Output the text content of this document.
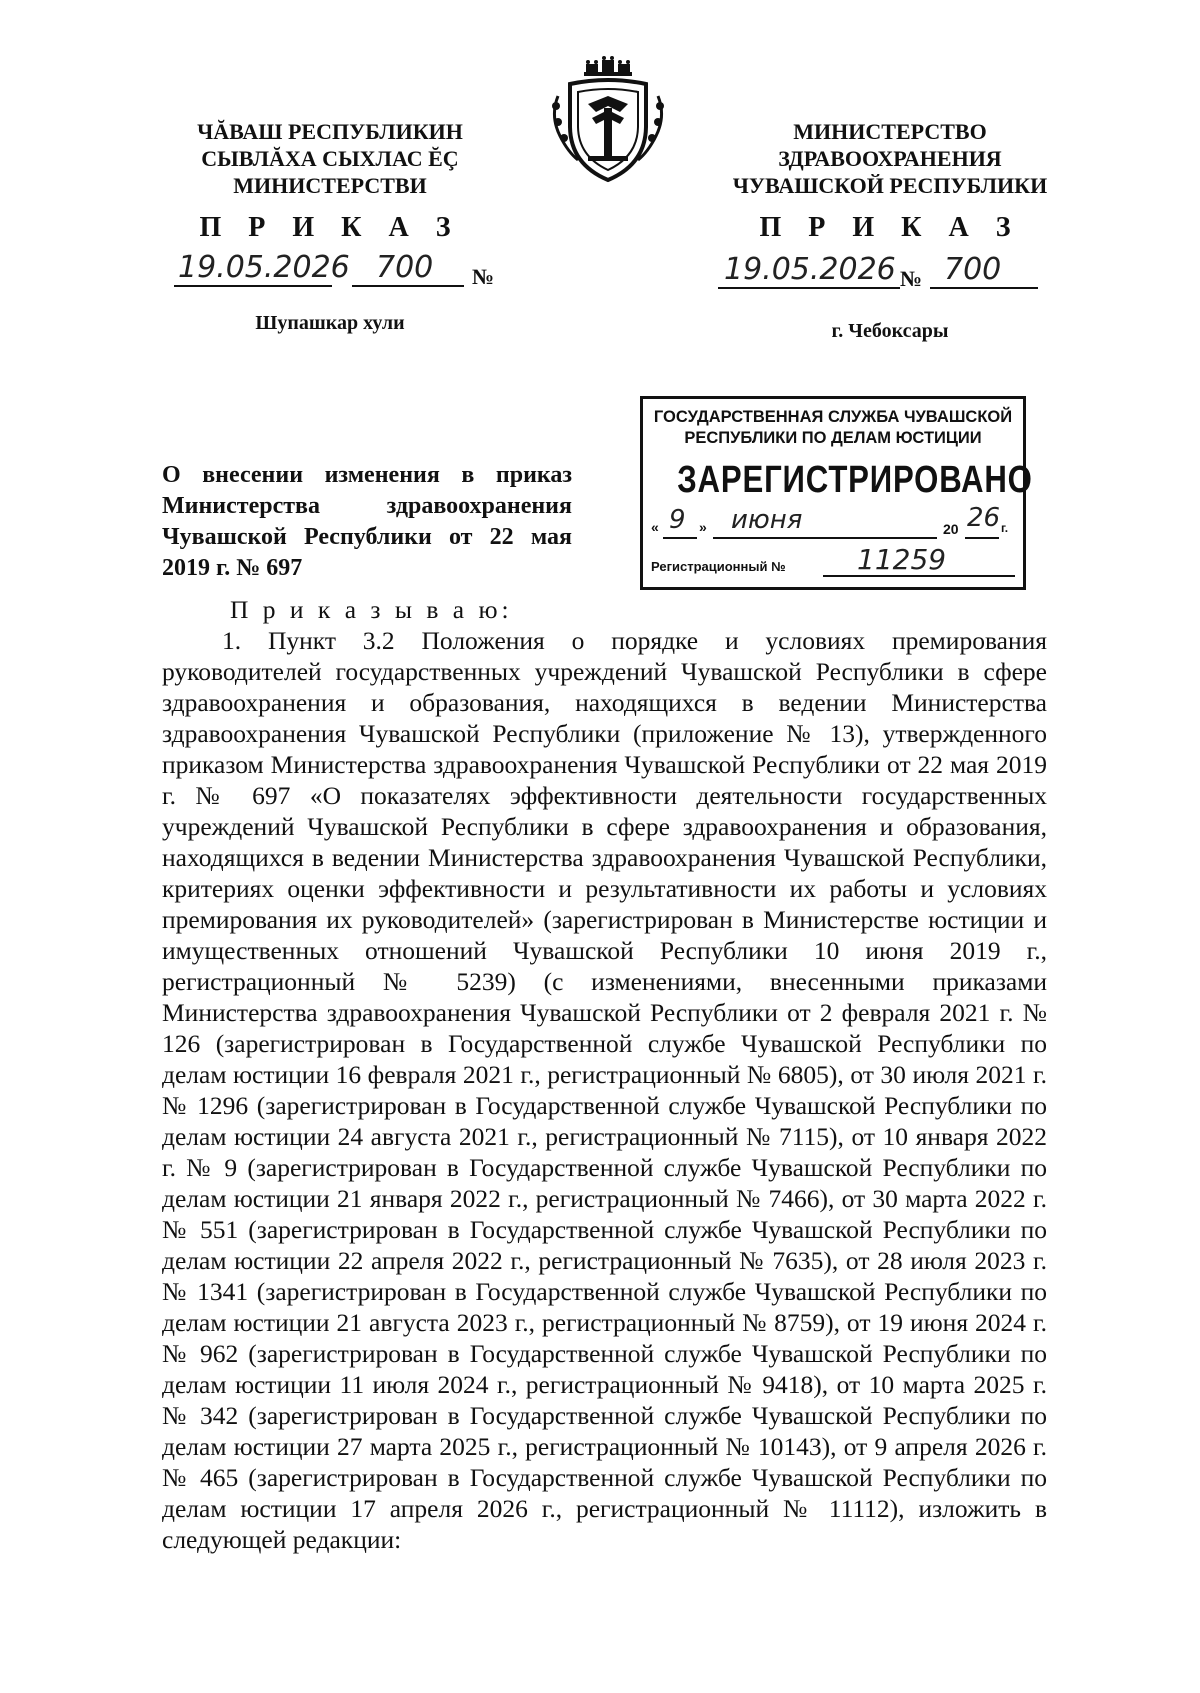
ЧĂВАШ РЕСПУБЛИКИН
СЫВЛĂХА СЫХЛАС ĔÇ
МИНИСТЕРСТВИ
МИНИСТЕРСТВО
ЗДРАВООХРАНЕНИЯ
ЧУВАШСКОЙ РЕСПУБЛИКИ
П Р И К А З	П Р И К А З
19.05.2026 700 №	19.05.2026 № 700
Шупашкар хули	г. Чебоксары
ГОСУДАРСТВЕННАЯ СЛУЖБА ЧУВАШСКОЙ
РЕСПУБЛИКИ ПО ДЕЛАМ ЮСТИЦИИ
ЗАРЕГИСТРИРОВАНО
« 9 » июня	20 26 г.
Регистрационный №	11259
О внесении изменения в приказ Министерства здравоохранения Чувашской Республики от 22 мая 2019 г. № 697
П р и к а з ы в а ю:

1. Пункт 3.2 Положения о порядке и условиях премирования руководителей государственных учреждений Чувашской Республики в сфере здравоохранения и образования, находящихся в ведении Министерства здравоохранения Чувашской Республики (приложение № 13), утвержденного приказом Министерства здравоохранения Чувашской Республики от 22 мая 2019 г. № 697 «О показателях эффективности деятельности государственных учреждений Чувашской Республики в сфере здравоохранения и образования, находящихся в ведении Министерства здравоохранения Чувашской Республики, критериях оценки эффективности и результативности их работы и условиях премирования их руководителей» (зарегистрирован в Министерстве юстиции и имущественных отношений Чувашской Республики 10 июня 2019 г., регистрационный № 5239) (с изменениями, внесенными приказами Министерства здравоохранения Чувашской Республики от 2 февраля 2021 г. № 126 (зарегистрирован в Государственной службе Чувашской Республики по делам юстиции 16 февраля 2021 г., регистрационный № 6805), от 30 июля 2021 г. № 1296 (зарегистрирован в Государственной службе Чувашской Республики по делам юстиции 24 августа 2021 г., регистрационный № 7115), от 10 января 2022 г. № 9 (зарегистрирован в Государственной службе Чувашской Республики по делам юстиции 21 января 2022 г., регистрационный № 7466), от 30 марта 2022 г. № 551 (зарегистрирован в Государственной службе Чувашской Республики по делам юстиции 22 апреля 2022 г., регистрационный № 7635), от 28 июля 2023 г. № 1341 (зарегистрирован в Государственной службе Чувашской Республики по делам юстиции 21 августа 2023 г., регистрационный № 8759), от 19 июня 2024 г. № 962 (зарегистрирован в Государственной службе Чувашской Республики по делам юстиции 11 июля 2024 г., регистрационный № 9418), от 10 марта 2025 г. № 342 (зарегистрирован в Государственной службе Чувашской Республики по делам юстиции 27 марта 2025 г., регистрационный № 10143), от 9 апреля 2026 г. № 465 (зарегистрирован в Государственной службе Чувашской Республики по делам юстиции 17 апреля 2026 г., регистрационный № 11112), изложить в следующей редакции:
